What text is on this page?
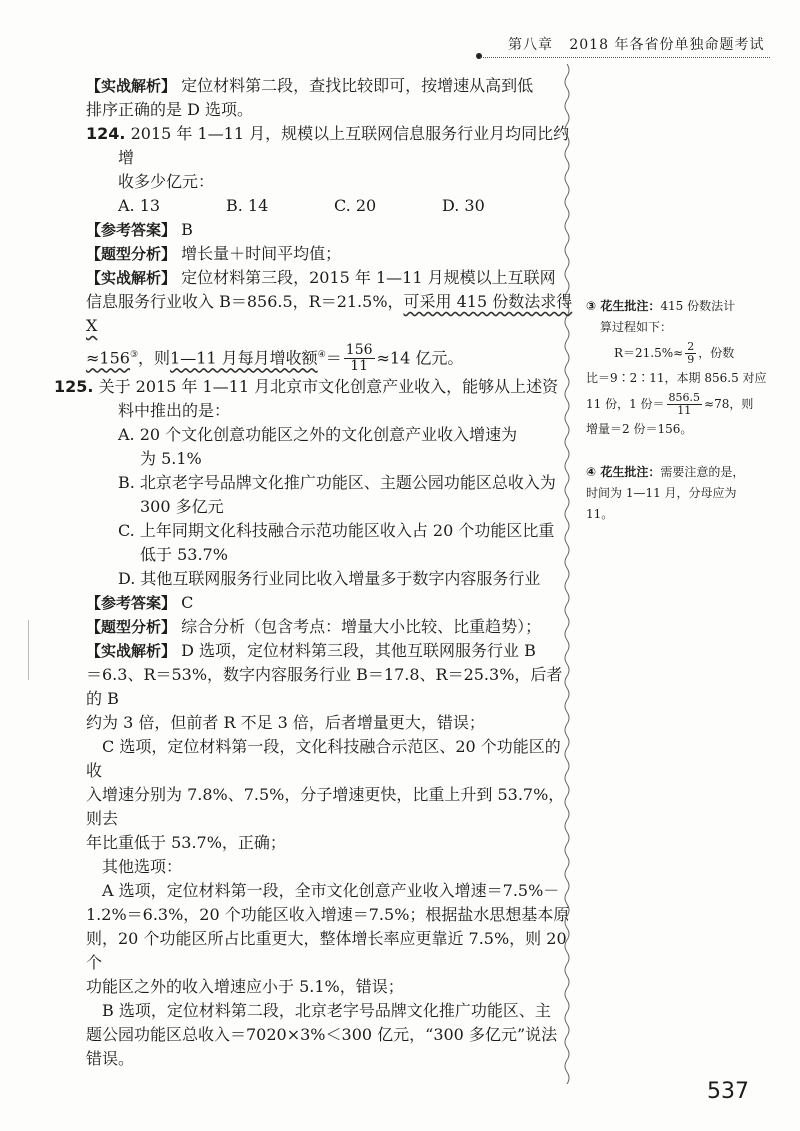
第八章 2018 年各省份单独命题考试

【实战解析】 定位材料第二段，查找比较即可，按增速从高到低

排序正确的是 D 选项。

124. 2015 年 1—11 月，规模以上互联网信息服务行业月均同比约增

收多少亿元：

A. 13	B. 14	C. 20	D. 30

【参考答案】 B

【题型分析】 增长量＋时间平均值；

【实战解析】 定位材料第三段，2015 年 1—11 月规模以上互联网

信息服务行业收入 B＝856.5，R＝21.5%，可采用 415 份数法求得 X

≈156③，则1—11 月每月增收额$^④= \frac{156}{11} \approx 14$ 亿元。

125. 关于 2015 年 1—11 月北京市文化创意产业收入，能够从上述资

料中推出的是：

A. 20 个文化创意功能区之外的文化创意产业收入增速为
为 5.1%

B. 北京老字号品牌文化推广功能区、主题公园功能区总收入为
300 多亿元

C. 上年同期文化科技融合示范功能区收入占 20 个功能区比重
低于 53.7%

D. 其他互联网服务行业同比收入增量多于数字内容服务行业

【参考答案】 C

【题型分析】 综合分析（包含考点：增量大小比较、比重趋势）；

【实战解析】 D 选项，定位材料第三段，其他互联网服务行业 B

＝6.3、R＝53%，数字内容服务行业 B＝17.8、R＝25.3%，后者的 B

约为 3 倍，但前者 R 不足 3 倍，后者增量更大，错误；

C 选项，定位材料第一段，文化科技融合示范区、20 个功能区的收

入增速分别为 7.8%、7.5%，分子增速更快，比重上升到 53.7%，则去

年比重低于 53.7%，正确；

其他选项：

A 选项，定位材料第一段，全市文化创意产业收入增速＝7.5%－

1.2%＝6.3%，20 个功能区收入增速＝7.5%；根据盐水思想基本原

则，20 个功能区所占比重更大，整体增长率应更靠近 7.5%，则 20 个

功能区之外的收入增速应小于 5.1%，错误；

B 选项，定位材料第二段，北京老字号品牌文化推广功能区、主

题公园功能区总收入＝7020×3%＜300 亿元，“300 多亿元”说法

错误。

③ 花生批注：415 份数法计
算过程如下：
$R=21.5\%\approx \frac{2}{9}$ ，份数
比＝9∶2∶11，本期 856.5 对应
11 份，1 份＝ $\frac{856.5}{11} \approx 78$，则
增量＝2 份＝156。
④ 花生批注：需要注意的是，
时间为 1—11 月，分母应为
11。
537
